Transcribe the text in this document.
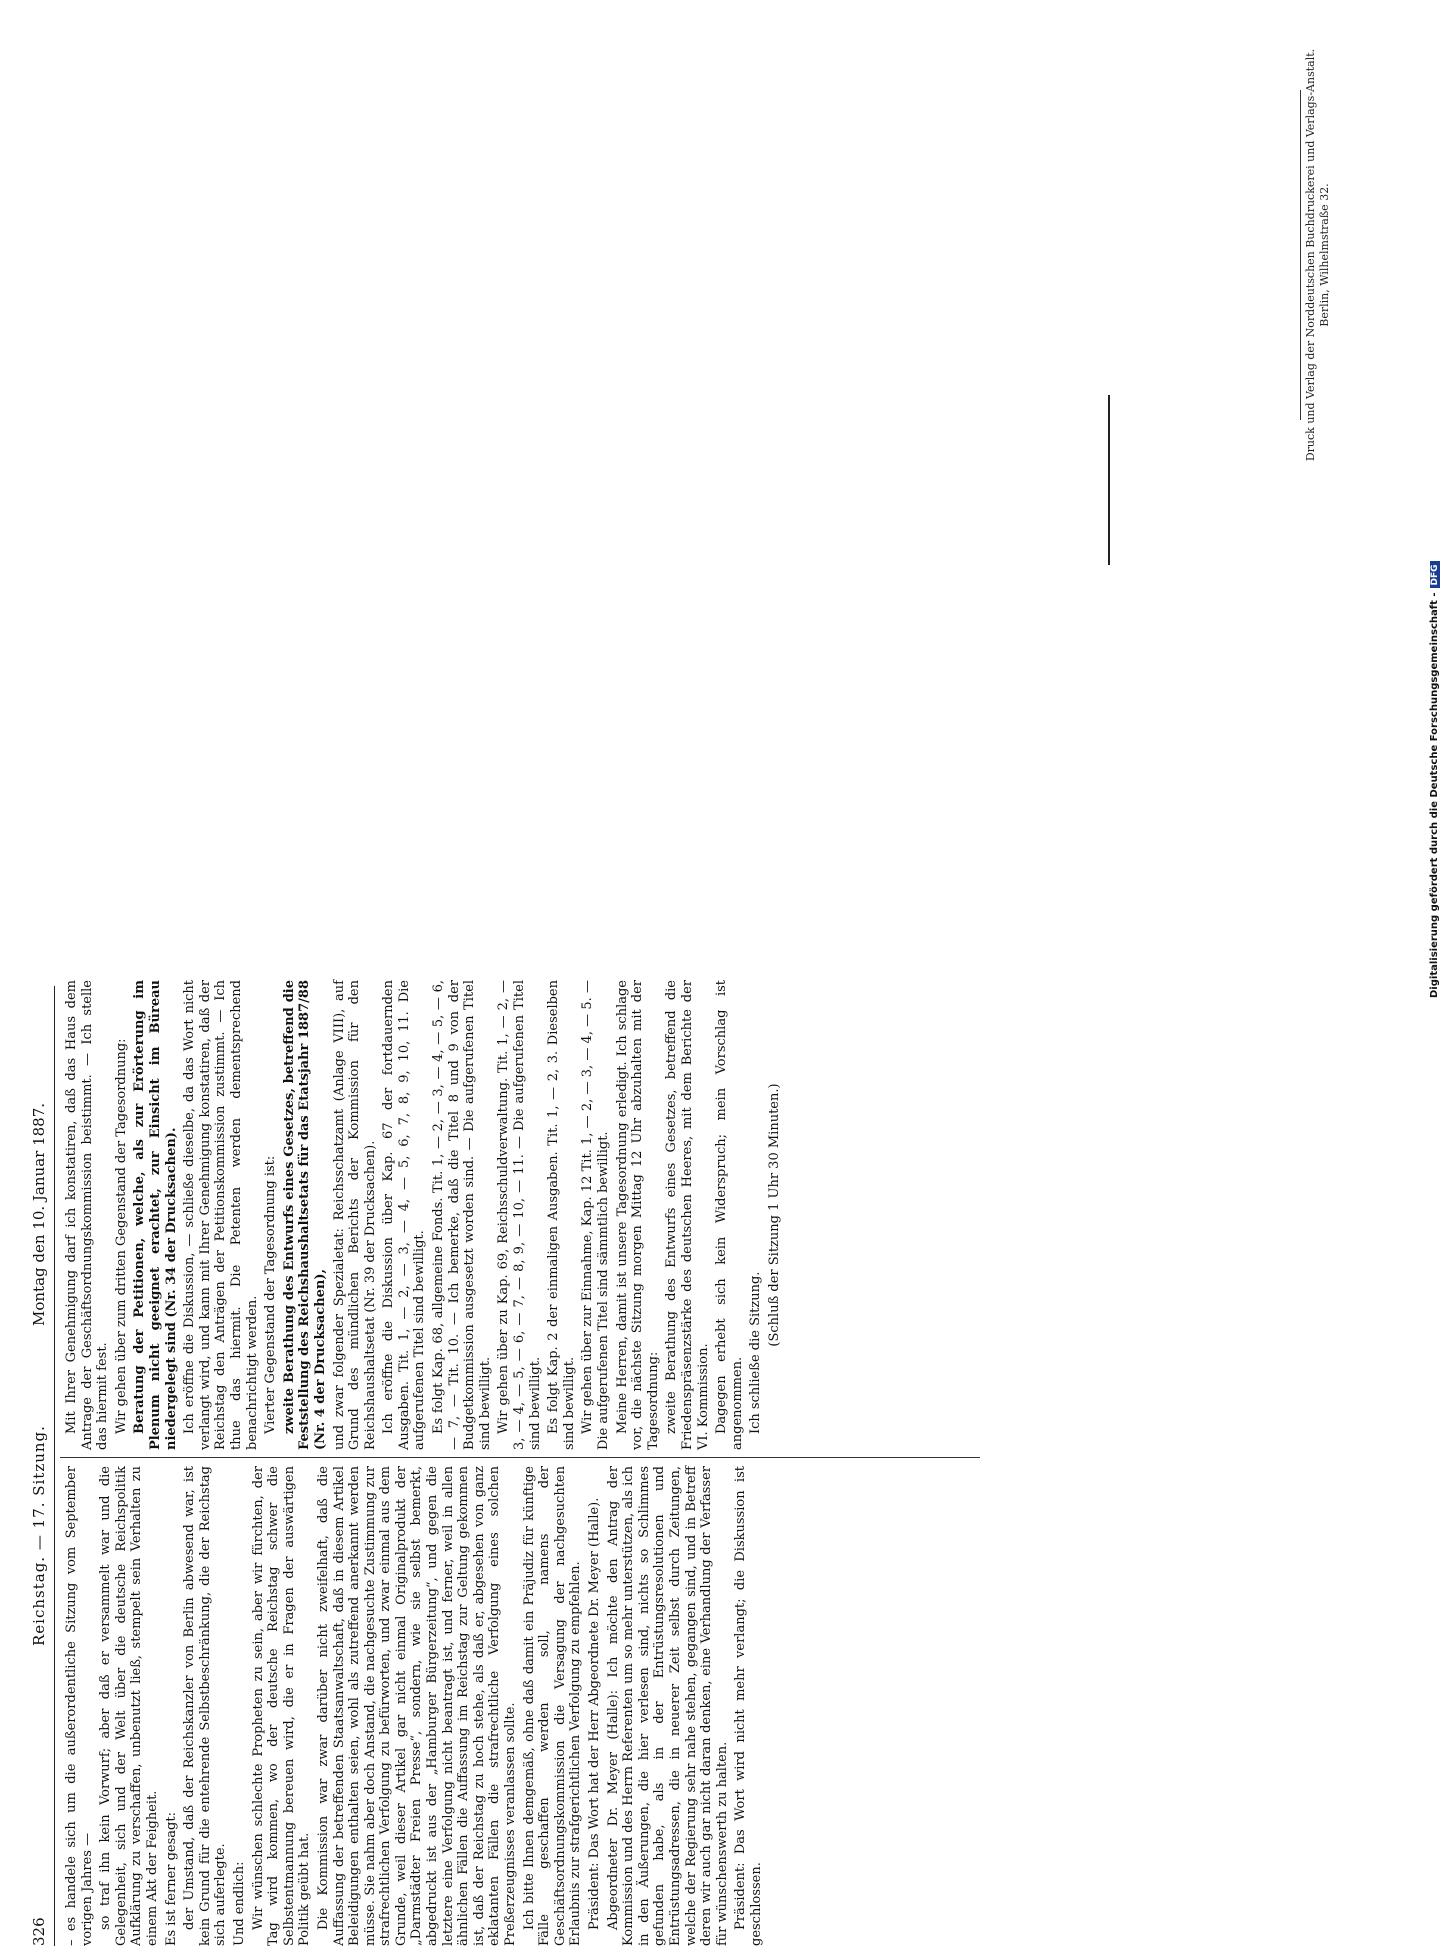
326
Reichstag. — 17. Sitzung.
Montag den 10. Januar 1887.

– es handele sich um die außerordentliche Sitzung vom September vorigen Jahres — so traf ihn kein Vorwurf; aber daß er versammelt war und die Gelegenheit, sich und der Welt über die deutsche Reichspolitik Aufklärung zu verschaffen, unbenutzt ließ, stempelt sein Verhalten zu einem Akt der Feigheit. Es ist ferner gesagt: der Umstand, daß der Reichskanzler von Berlin abwesend war, ist kein Grund für die entehrende Selbstbeschränkung, die der Reichstag sich auferlegte. Und endlich: Wir wünschen schlechte Propheten zu sein, aber wir fürchten, der Tag wird kommen, wo der deutsche Reichstag schwer die Selbstentmannung bereuen wird, die er in Fragen der auswärtigen Politik geübt hat. Die Kommission war zwar darüber nicht zweifelhaft, daß die Auffassung der betreffenden Staatsanwaltschaft, daß in diesem Artikel Beleidigungen enthalten seien, wohl als zutreffend anerkannt werden müsse. Sie nahm aber doch Anstand, die nachgesuchte Zustimmung zur strafrechtlichen Verfolgung zu befürworten, und zwar einmal aus dem Grunde, weil dieser Artikel gar nicht einmal Originalprodukt der „Darmstädter Freien Presse“, sondern, wie sie selbst bemerkt, abgedruckt ist aus der „Hamburger Bürgerzeitung“, und gegen die letztere eine Verfolgung nicht beantragt ist, und ferner, weil in allen ähnlichen Fällen die Auffassung im Reichstag zur Geltung gekommen ist, daß der Reichstag zu hoch stehe, als daß er, abgesehen von ganz eklatanten Fällen die strafrechtliche Verfolgung eines solchen Preßerzeugnisses veranlassen sollte. Ich bitte Ihnen demgemäß, ohne daß damit ein Präjudiz für künftige Fälle geschaffen werden soll, namens der Geschäftsordnungskommission die Versagung der nachgesuchten Erlaubnis zur strafgerichtlichen Verfolgung zu empfehlen. Präsident: Das Wort hat der Herr Abgeordnete Dr. Meyer (Halle). Abgeordneter Dr. Meyer (Halle): Ich möchte den Antrag der Kommission und des Herrn Referenten um so mehr unterstützen, als ich in den Äußerungen, die hier verlesen sind, nichts so Schlimmes gefunden habe, als in der Entrüstungsresolutionen und Entrüstungsadressen, die in neuerer Zeit selbst durch Zeitungen, welche der Regierung sehr nahe stehen, gegangen sind, und in Betreff deren wir auch gar nicht daran denken, eine Verhandlung der Verfasser für wünschenswerth zu halten. Präsident: Das Wort wird nicht mehr verlangt; die Diskussion ist geschlossen.

Mit Ihrer Genehmigung darf ich konstatiren, daß das Haus dem Antrage der Geschäftsordnungskommission beistimmt. — Ich stelle das hiermit fest. Wir gehen über zum dritten Gegenstand der Tagesordnung: Beratung der Petitionen, welche, als zur Erörterung im Plenum nicht geeignet erachtet, zur Einsicht im Büreau niedergelegt sind (Nr. 34 der Drucksachen). Ich eröffne die Diskussion, — schließe dieselbe, da das Wort nicht verlangt wird, und kann mit Ihrer Genehmigung konstatiren, daß der Reichstag den Anträgen der Petitionskommission zustimmt. — Ich thue das hiermit. Die Petenten werden dementsprechend benachrichtigt werden. Vierter Gegenstand der Tagesordnung ist: zweite Berathung des Entwurfs eines Gesetzes, betreffend die Feststellung des Reichshaushaltsetats für das Etatsjahr 1887/88 (Nr. 4 der Drucksachen), und zwar folgender Spezialetat: Reichsschatzamt (Anlage VIII), auf Grund des mündlichen Berichts der Kommission für den Reichshaushaltsetat (Nr. 39 der Drucksachen). Ich eröffne die Diskussion über Kap. 67 der fortdauernden Ausgaben. Tit. 1, — 2, — 3, — 4, — 5, 6, 7, 8, 9, 10, 11. Die aufgerufenen Titel sind bewilligt. Es folgt Kap. 68, allgemeine Fonds. Tit. 1, — 2, — 3, — 4, — 5, — 6, — 7, — Tit. 10. — Ich bemerke, daß die Titel 8 und 9 von der Budgetkommission ausgesetzt worden sind. — Die aufgerufenen Titel sind bewilligt. Wir gehen über zu Kap. 69, Reichsschuldverwaltung. Tit. 1, — 2, — 3, — 4, — 5, — 6, — 7, — 8, 9, — 10, — 11. — Die aufgerufenen Titel sind bewilligt. Es folgt Kap. 2 der einmaligen Ausgaben. Tit. 1, — 2, 3. Dieselben sind bewilligt. Wir gehen über zur Einnahme, Kap. 12 Tit. 1, — 2, — 3, — 4, — 5. — Die aufgerufenen Titel sind sämmtlich bewilligt. Meine Herren, damit ist unsere Tagesordnung erledigt. Ich schlage vor, die nächste Sitzung morgen Mittag 12 Uhr abzuhalten mit der Tagesordnung: zweite Berathung des Entwurfs eines Gesetzes, betreffend die Friedenspräsenzstärke des deutschen Heeres, mit dem Berichte der VI. Kommission. Dagegen erhebt sich kein Widerspruch; mein Vorschlag ist angenommen. Ich schließe die Sitzung.

(Schluß der Sitzung 1 Uhr 30 Minuten.)

Druck und Verlag der Norddeutschen Buchdruckerei und Verlags-Anstalt. Berlin, Wilhelmstraße 32.
Digitalisierung gefördert durch die Deutsche Forschungsgemeinschaft -DFG
